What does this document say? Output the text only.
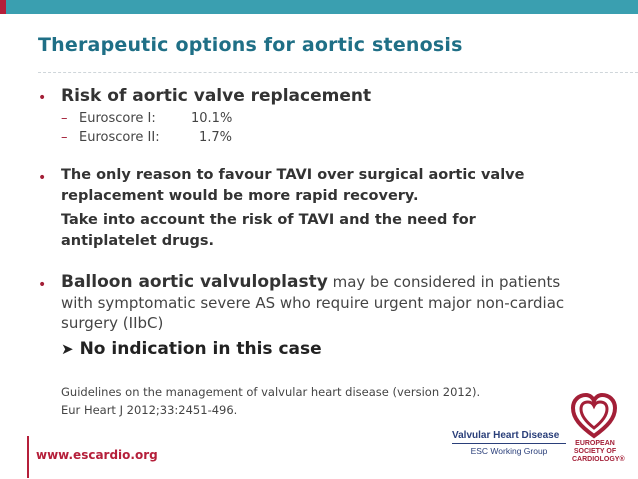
Therapeutic options for aortic stenosis
• Risk of aortic valve replacement
– Euroscore I:	10.1%
– Euroscore II:	1.7%
• The only reason to favour TAVI over surgical aortic valve
replacement would be more rapid recovery.
Take into account the risk of TAVI and the need for
antiplatelet drugs.
• Balloon aortic valvuloplasty may be considered in patients
with symptomatic severe AS who require urgent major non-cardiac
surgery (IIbC)
➤ No indication in this case
Guidelines on the management of valvular heart disease (version 2012).
Eur Heart J 2012;33:2451-496.
www.escardio.org
Valvular Heart Disease
ESC Working Group
EUROPEAN
SOCIETY OF
CARDIOLOGY®
